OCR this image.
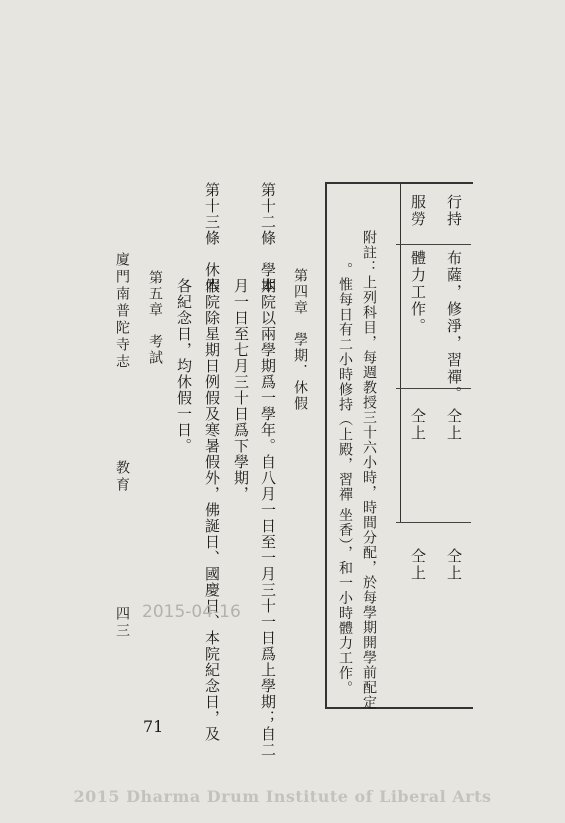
行持
布薩，修淨，習禪。
仝上
仝上
服勞
體力工作。
仝上
仝上
附註：上列科目，每週教授三十六小時，時間分配，於每學期開學前配定
。惟每日有二小時修持（上殿，習禪 坐香），和一小時體力工作。
第四章　學期．休假
第十二條　學期
本院以兩學期爲一學年。自八月一日至一月三十一日爲上學期；自二
月一日至七月三十日爲下學期，
第十三條　休假
本院除星期日例假及寒暑假外，佛誕日、國慶日、本院紀念日，及
各紀念日，均休假一日。
第五章　考試
廈門南普陀寺志
教育
四三 2015-04-16
71
2015 Dharma Drum Institute of Liberal Arts
